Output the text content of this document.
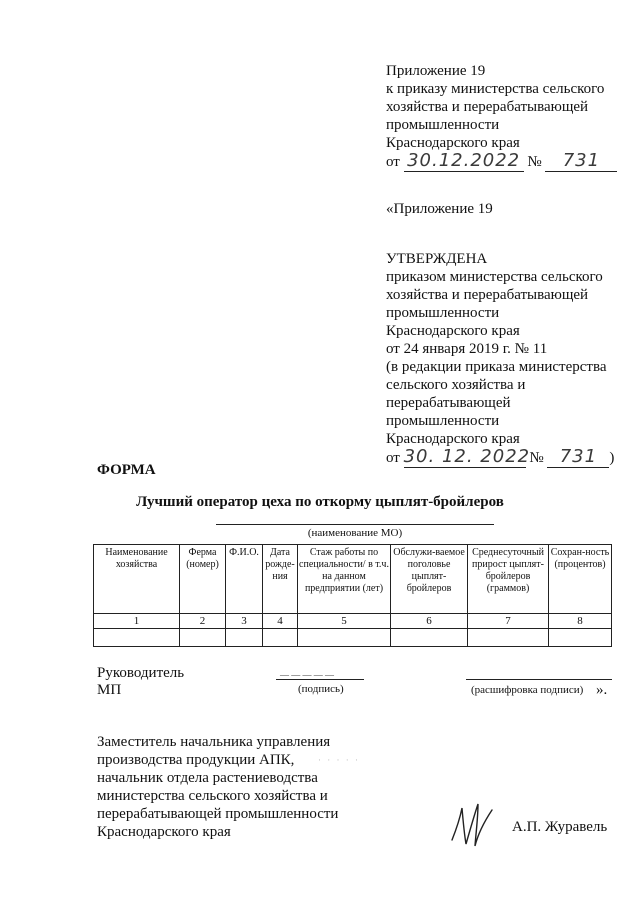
Приложение 19
к приказу министерства сельского
хозяйства и перерабатывающей
промышленности
Краснодарского края
от 30.12.2022 № 731
«Приложение 19
УТВЕРЖДЕНА
приказом министерства сельского
хозяйства и перерабатывающей
промышленности
Краснодарского края
от 24 января 2019 г. № 11
(в редакции приказа министерства
сельского хозяйства и
перерабатывающей
промышленности
Краснодарского края
от 30. 12. 2022 № 731 )
ФОРМА
Лучший оператор цеха по откорму цыплят-бройлеров
(наименование МО)
Наименование хозяйства	Ферма (номер)	Ф.И.О.	Дата рожде-ния	Стаж работы по специальности/ в т.ч. на данном предприятии (лет)	Обслужи-ваемое поголовье цыплят-бройлеров	Среднесуточный прирост цыплят-бройлеров (граммов)	Сохран-ность (процентов)
1	2	3	4	5	6	7	8

Руководитель
МП
— — — — —
(подпись)	(расшифровка подписи) ».
Заместитель начальника управления
производства продукции АПК,
начальник отдела растениеводства
министерства сельского хозяйства и
перерабатывающей промышленности
Краснодарского края
· · · · ·
А.П. Журавель
